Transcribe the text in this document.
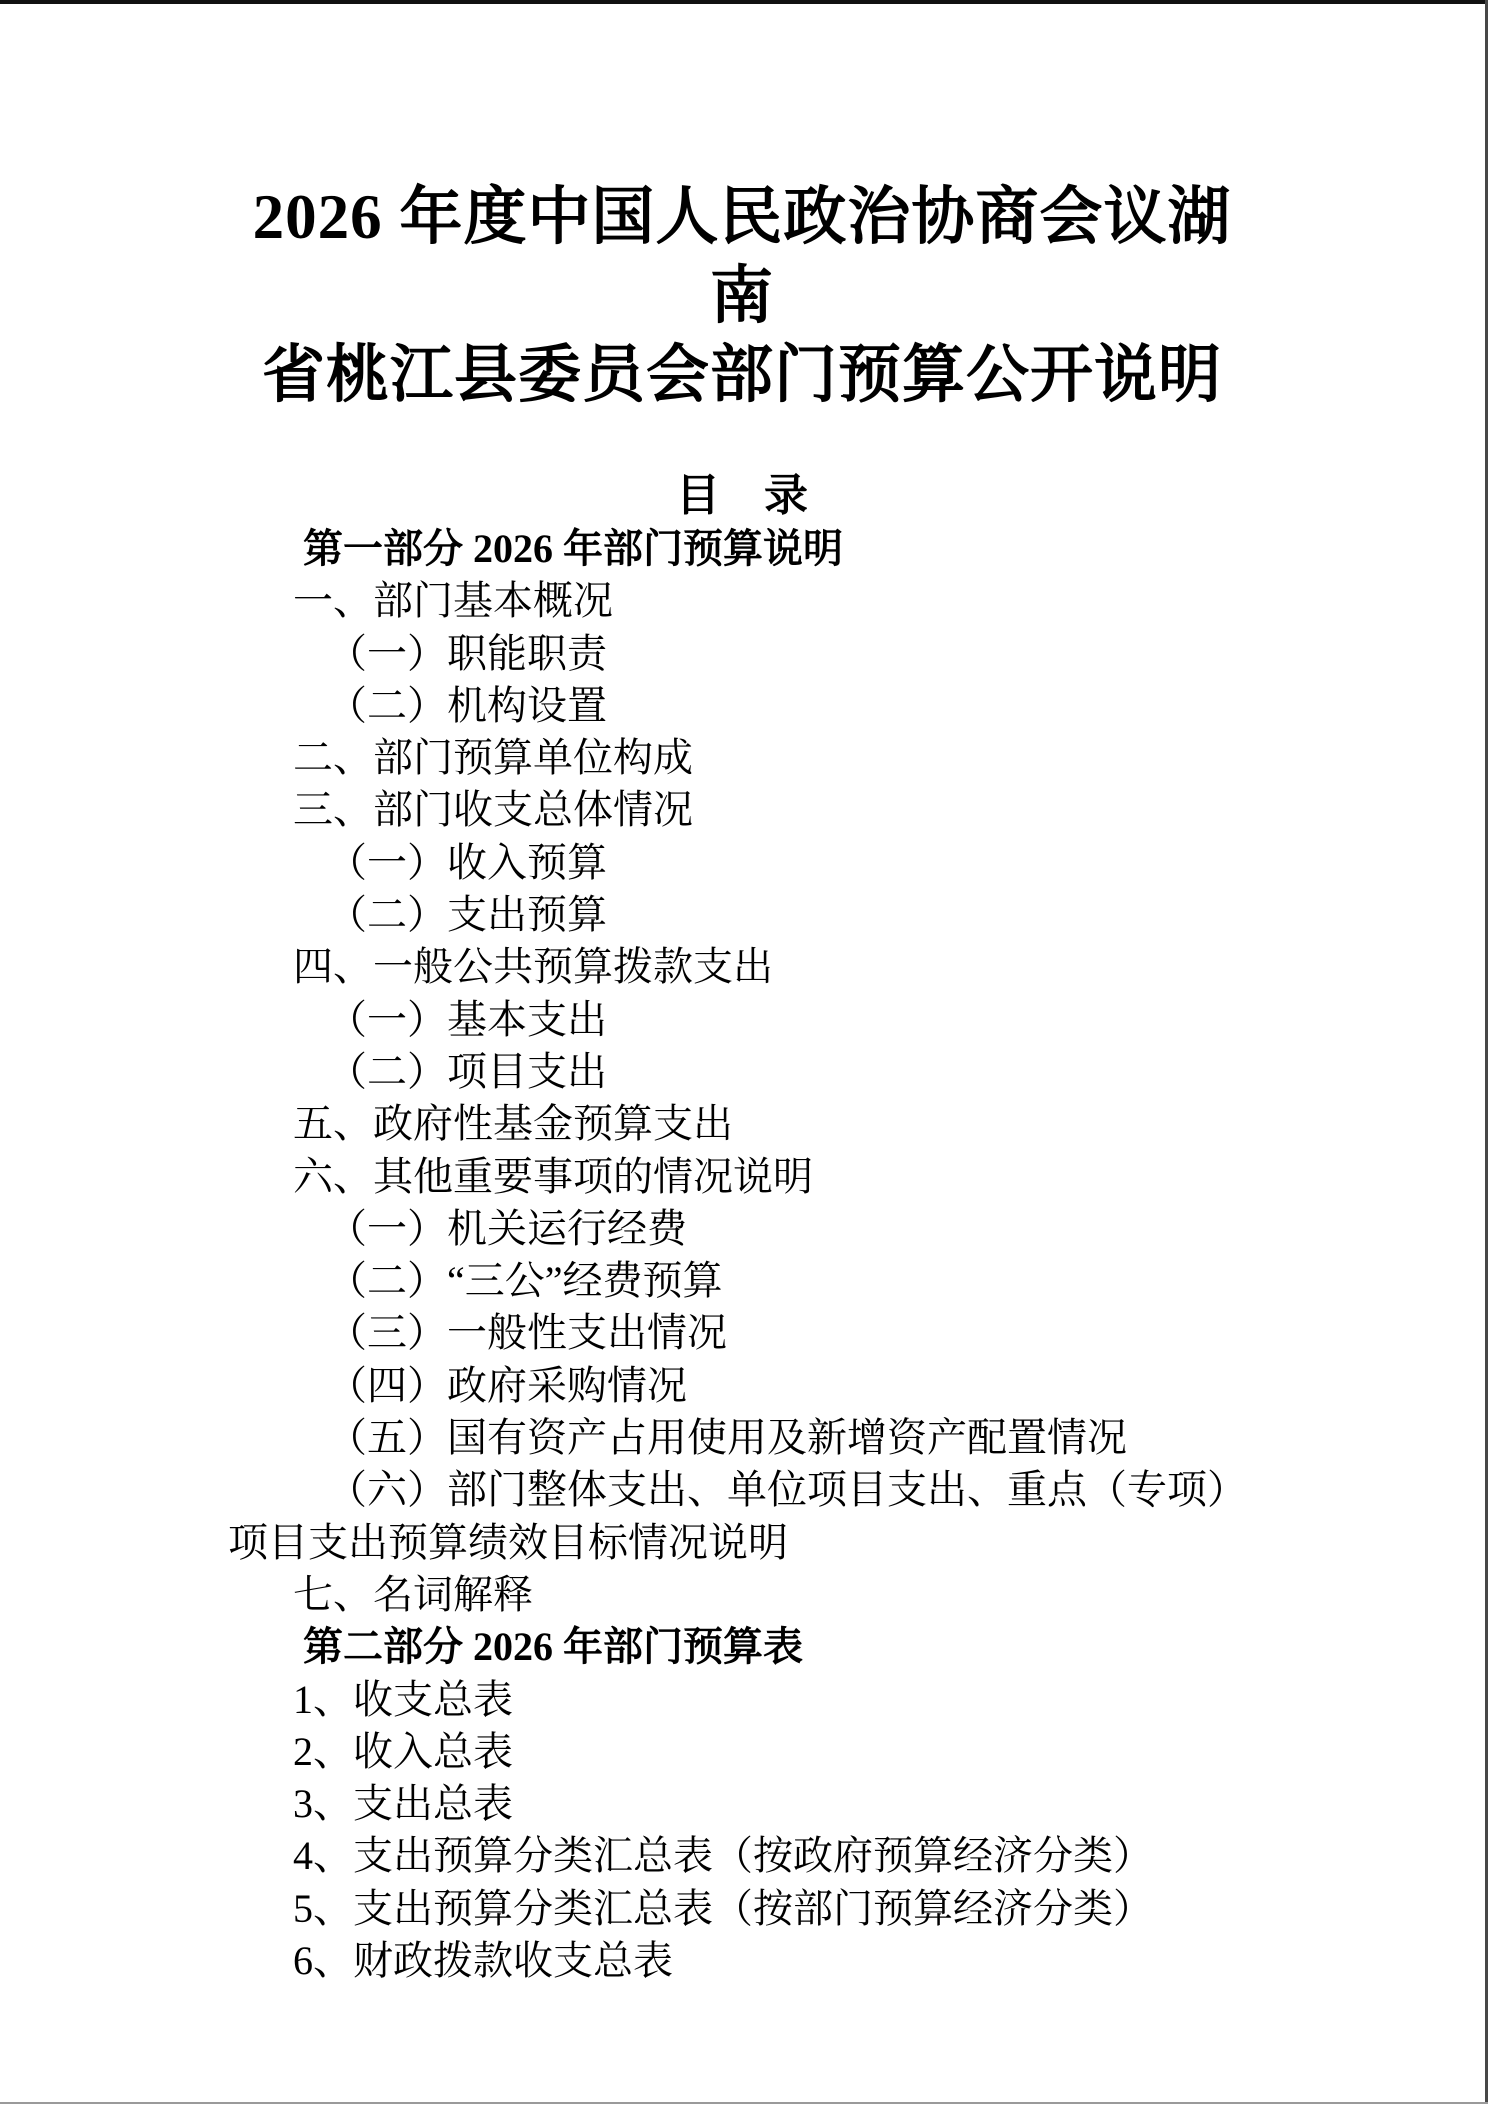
2026 年度中国人民政治协商会议湖南
省桃江县委员会部门预算公开说明
目　录
第一部分 2026 年部门预算说明
一、部门基本概况
（一）职能职责
（二）机构设置
二、部门预算单位构成
三、部门收支总体情况
（一）收入预算
（二）支出预算
四、一般公共预算拨款支出
（一）基本支出
（二）项目支出
五、政府性基金预算支出
六、其他重要事项的情况说明
（一）机关运行经费
（二）“三公”经费预算
（三）一般性支出情况
（四）政府采购情况
（五）国有资产占用使用及新增资产配置情况
（六）部门整体支出、单位项目支出、重点（专项）
项目支出预算绩效目标情况说明
七、名词解释
第二部分 2026 年部门预算表
1、收支总表
2、收入总表
3、支出总表
4、支出预算分类汇总表（按政府预算经济分类）
5、支出预算分类汇总表（按部门预算经济分类）
6、财政拨款收支总表
